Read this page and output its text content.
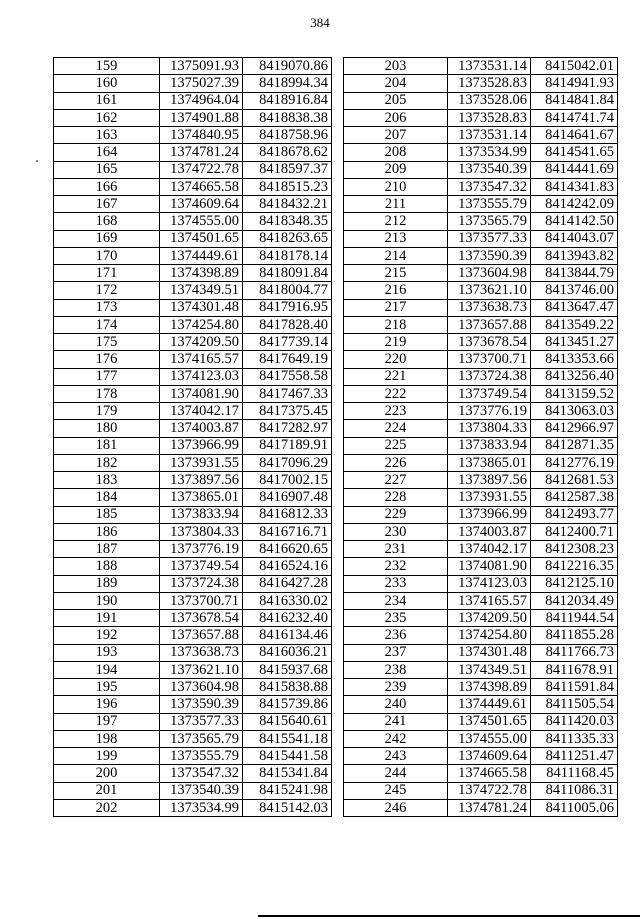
384
159	1375091.93	8419070.86
160	1375027.39	8418994.34
161	1374964.04	8418916.84
162	1374901.88	8418838.38
163	1374840.95	8418758.96
164	1374781.24	8418678.62
165	1374722.78	8418597.37
166	1374665.58	8418515.23
167	1374609.64	8418432.21
168	1374555.00	8418348.35
169	1374501.65	8418263.65
170	1374449.61	8418178.14
171	1374398.89	8418091.84
172	1374349.51	8418004.77
173	1374301.48	8417916.95
174	1374254.80	8417828.40
175	1374209.50	8417739.14
176	1374165.57	8417649.19
177	1374123.03	8417558.58
178	1374081.90	8417467.33
179	1374042.17	8417375.45
180	1374003.87	8417282.97
181	1373966.99	8417189.91
182	1373931.55	8417096.29
183	1373897.56	8417002.15
184	1373865.01	8416907.48
185	1373833.94	8416812.33
186	1373804.33	8416716.71
187	1373776.19	8416620.65
188	1373749.54	8416524.16
189	1373724.38	8416427.28
190	1373700.71	8416330.02
191	1373678.54	8416232.40
192	1373657.88	8416134.46
193	1373638.73	8416036.21
194	1373621.10	8415937.68
195	1373604.98	8415838.88
196	1373590.39	8415739.86
197	1373577.33	8415640.61
198	1373565.79	8415541.18
199	1373555.79	8415441.58
200	1373547.32	8415341.84
201	1373540.39	8415241.98
202	1373534.99	8415142.03
203	1373531.14	8415042.01
204	1373528.83	8414941.93
205	1373528.06	8414841.84
206	1373528.83	8414741.74
207	1373531.14	8414641.67
208	1373534.99	8414541.65
209	1373540.39	8414441.69
210	1373547.32	8414341.83
211	1373555.79	8414242.09
212	1373565.79	8414142.50
213	1373577.33	8414043.07
214	1373590.39	8413943.82
215	1373604.98	8413844.79
216	1373621.10	8413746.00
217	1373638.73	8413647.47
218	1373657.88	8413549.22
219	1373678.54	8413451.27
220	1373700.71	8413353.66
221	1373724.38	8413256.40
222	1373749.54	8413159.52
223	1373776.19	8413063.03
224	1373804.33	8412966.97
225	1373833.94	8412871.35
226	1373865.01	8412776.19
227	1373897.56	8412681.53
228	1373931.55	8412587.38
229	1373966.99	8412493.77
230	1374003.87	8412400.71
231	1374042.17	8412308.23
232	1374081.90	8412216.35
233	1374123.03	8412125.10
234	1374165.57	8412034.49
235	1374209.50	8411944.54
236	1374254.80	8411855.28
237	1374301.48	8411766.73
238	1374349.51	8411678.91
239	1374398.89	8411591.84
240	1374449.61	8411505.54
241	1374501.65	8411420.03
242	1374555.00	8411335.33
243	1374609.64	8411251.47
244	1374665.58	8411168.45
245	1374722.78	8411086.31
246	1374781.24	8411005.06
